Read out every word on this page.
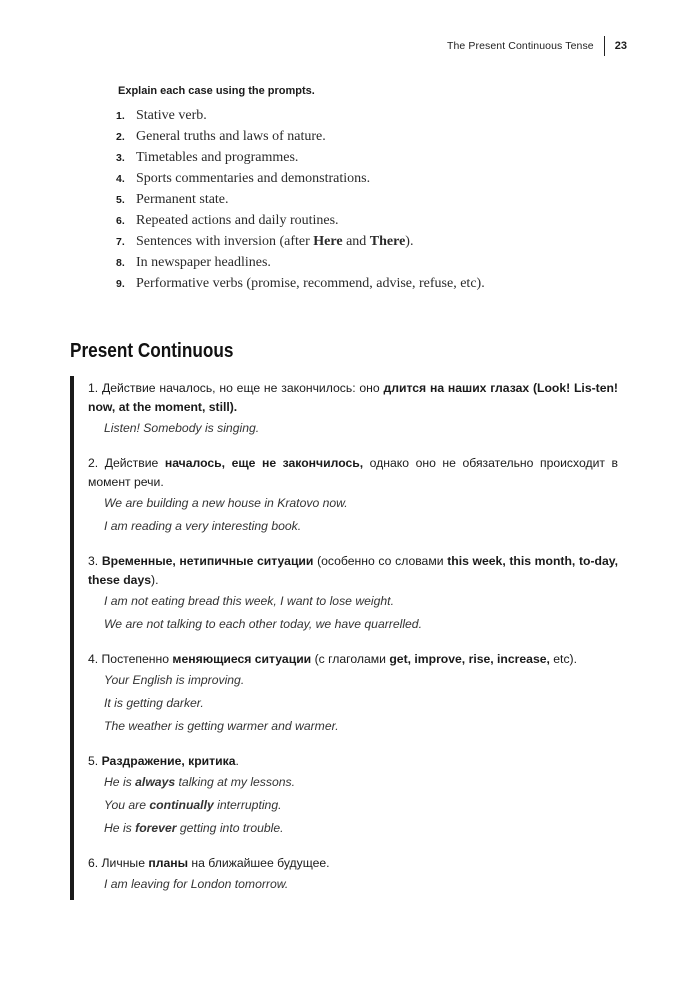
The Present Continuous Tense 23
Explain each case using the prompts.
1. Stative verb.
2. General truths and laws of nature.
3. Timetables and programmes.
4. Sports commentaries and demonstrations.
5. Permanent state.
6. Repeated actions and daily routines.
7. Sentences with inversion (after Here and There).
8. In newspaper headlines.
9. Performative verbs (promise, recommend, advise, refuse, etc).
Present Continuous
1. Действие началось, но еще не закончилось: оно длится на наших глазах (Look! Lis-ten! now, at the moment, still).
Listen! Somebody is singing.
2. Действие началось, еще не закончилось, однако оно не обязательно происходит в момент речи.
We are building a new house in Kratovo now.
I am reading a very interesting book.
3. Временные, нетипичные ситуации (особенно со словами this week, this month, to-day, these days).
I am not eating bread this week, I want to lose weight.
We are not talking to each other today, we have quarrelled.
4. Постепенно меняющиеся ситуации (с глаголами get, improve, rise, increase, etc).
Your English is improving.
It is getting darker.
The weather is getting warmer and warmer.
5. Раздражение, критика.
He is always talking at my lessons.
You are continually interrupting.
He is forever getting into trouble.
6. Личные планы на ближайшее будущее.
I am leaving for London tomorrow.
